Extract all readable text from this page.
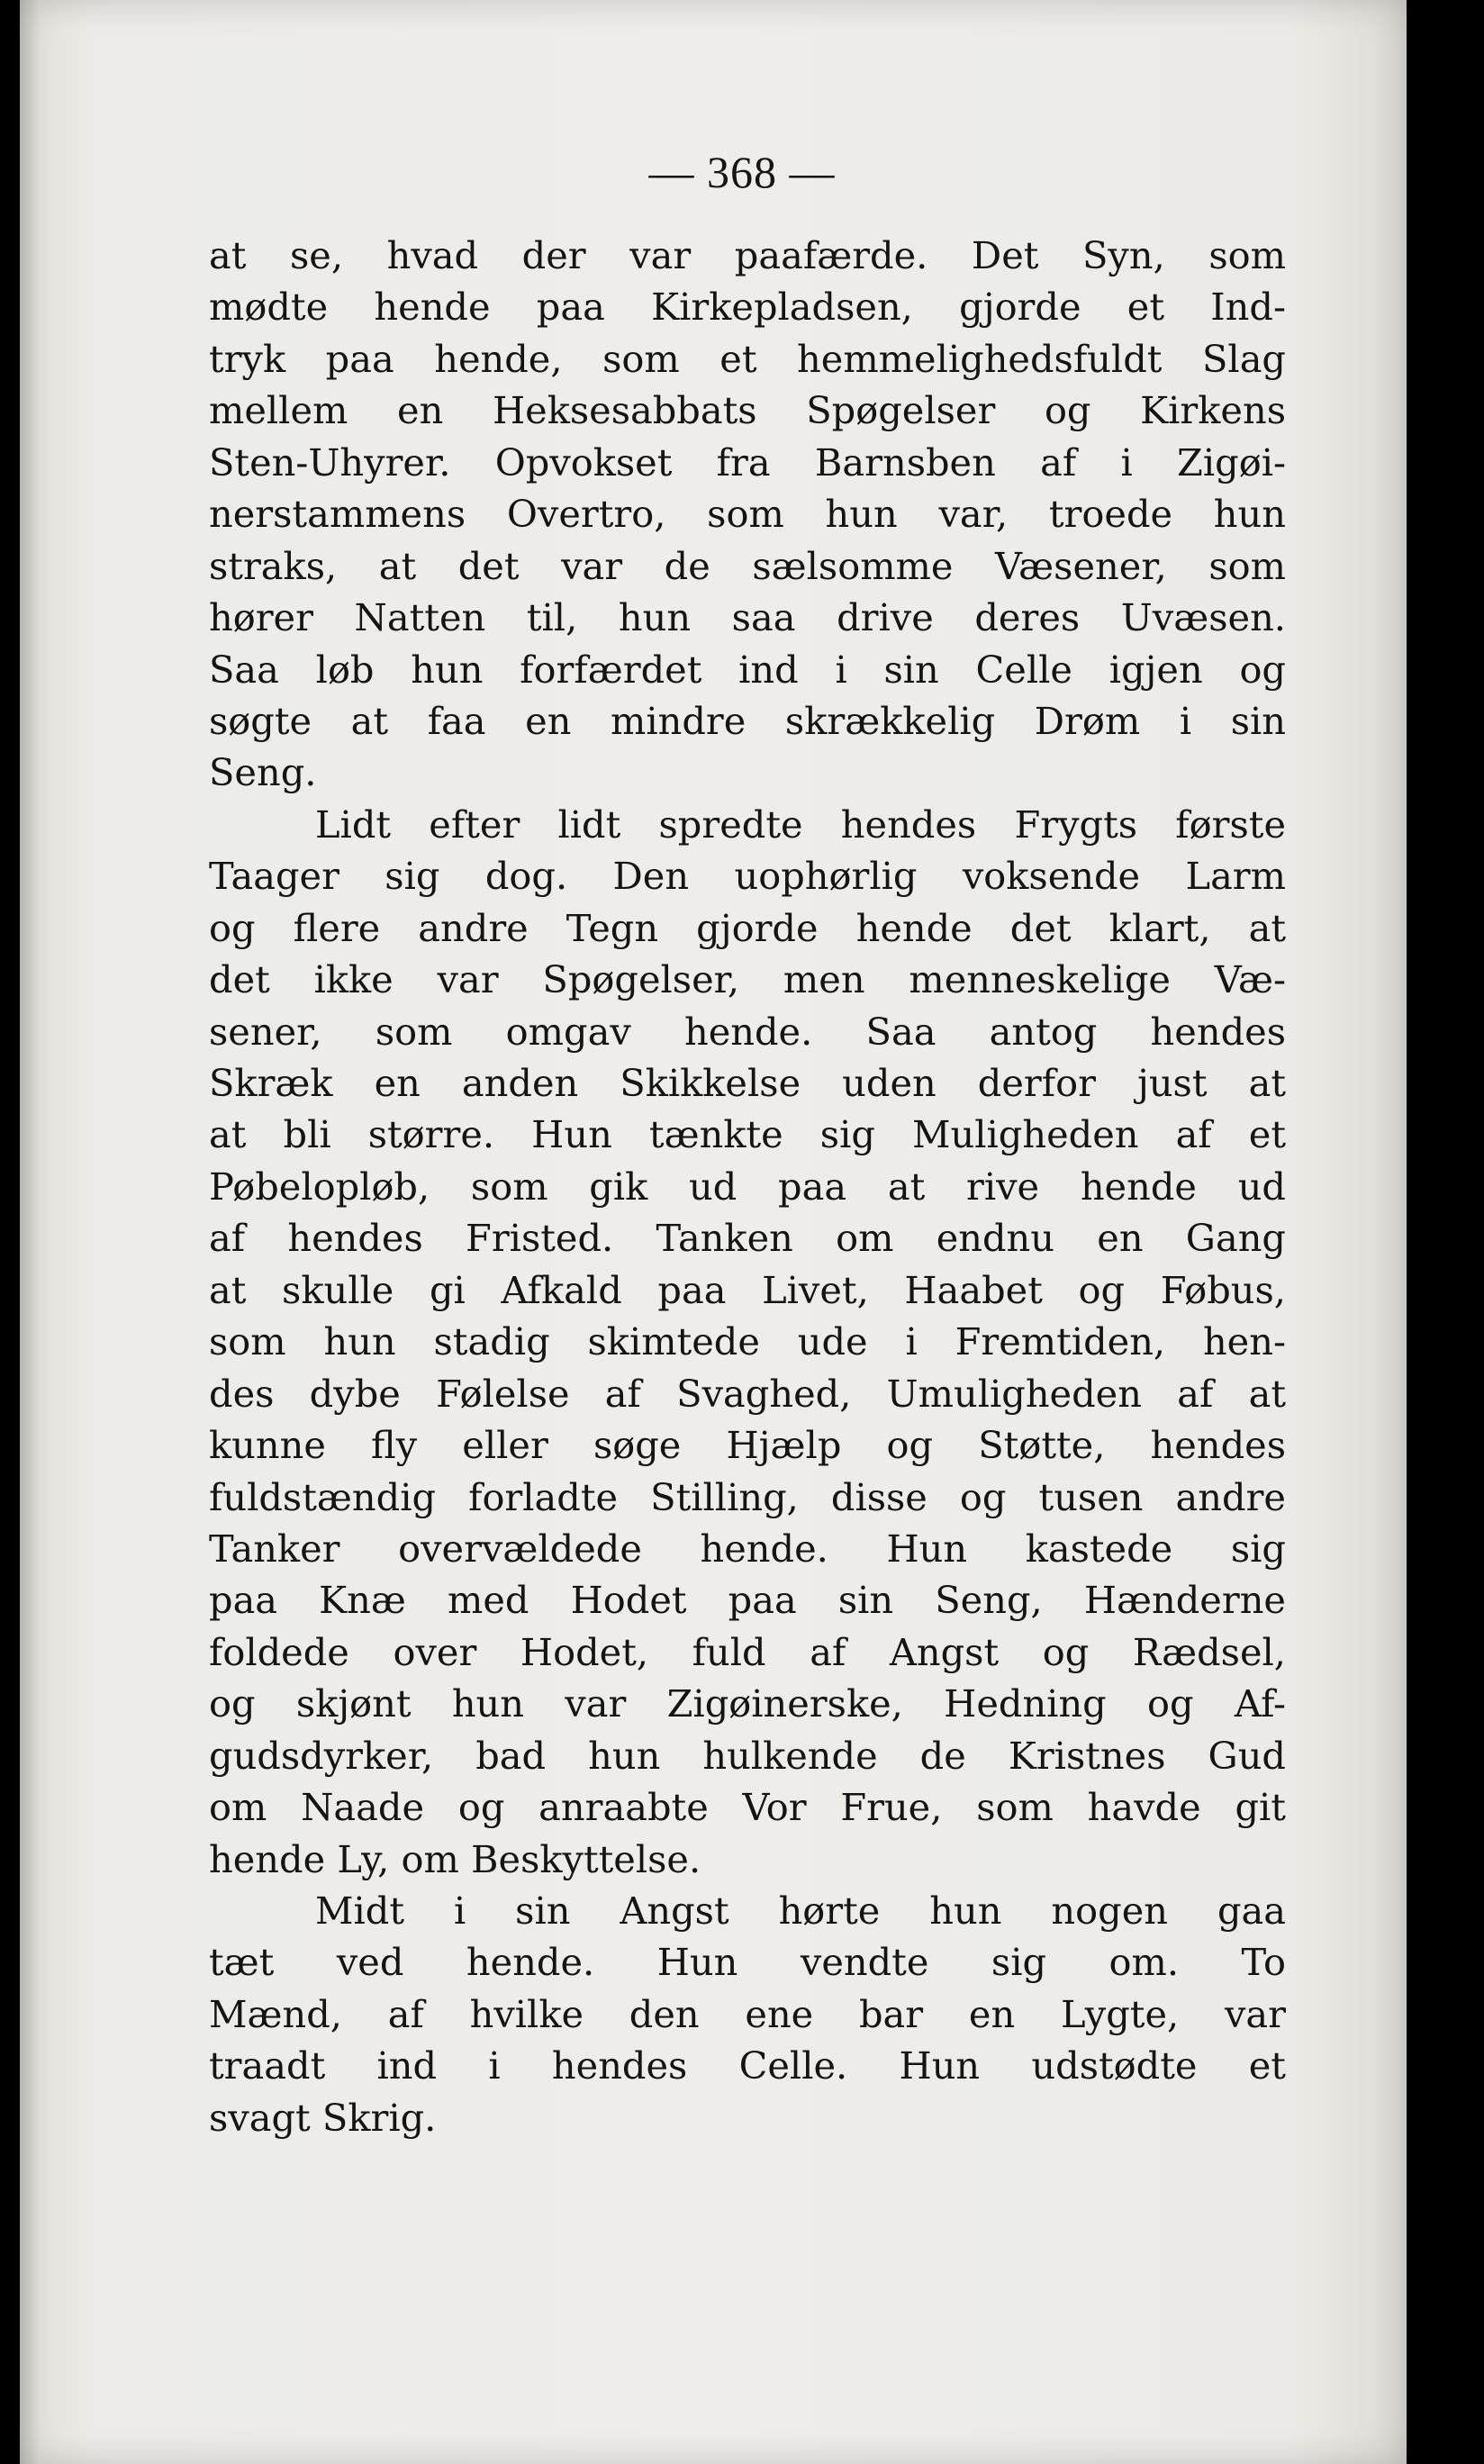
— 368 —
at se, hvad der var paafærde. Det Syn, som
mødte hende paa Kirkepladsen, gjorde et Ind-
tryk paa hende, som et hemmelighedsfuldt Slag
mellem en Heksesabbats Spøgelser og Kirkens
Sten-Uhyrer. Opvokset fra Barnsben af i Zigøi-
nerstammens Overtro, som hun var, troede hun
straks, at det var de sælsomme Væsener, som
hører Natten til, hun saa drive deres Uvæsen.
Saa løb hun forfærdet ind i sin Celle igjen og
søgte at faa en mindre skrækkelig Drøm i sin
Seng.
Lidt efter lidt spredte hendes Frygts første
Taager sig dog. Den uophørlig voksende Larm
og flere andre Tegn gjorde hende det klart, at
det ikke var Spøgelser, men menneskelige Væ-
sener, som omgav hende. Saa antog hendes
Skræk en anden Skikkelse uden derfor just at
at bli større. Hun tænkte sig Muligheden af et
Pøbelopløb, som gik ud paa at rive hende ud
af hendes Fristed. Tanken om endnu en Gang
at skulle gi Afkald paa Livet, Haabet og Føbus,
som hun stadig skimtede ude i Fremtiden, hen-
des dybe Følelse af Svaghed, Umuligheden af at
kunne fly eller søge Hjælp og Støtte, hendes
fuldstændig forladte Stilling, disse og tusen andre
Tanker overvældede hende. Hun kastede sig
paa Knæ med Hodet paa sin Seng, Hænderne
foldede over Hodet, fuld af Angst og Rædsel,
og skjønt hun var Zigøinerske, Hedning og Af-
gudsdyrker, bad hun hulkende de Kristnes Gud
om Naade og anraabte Vor Frue, som havde git
hende Ly, om Beskyttelse.
Midt i sin Angst hørte hun nogen gaa
tæt ved hende. Hun vendte sig om. To
Mænd, af hvilke den ene bar en Lygte, var
traadt ind i hendes Celle. Hun udstødte et
svagt Skrig.
